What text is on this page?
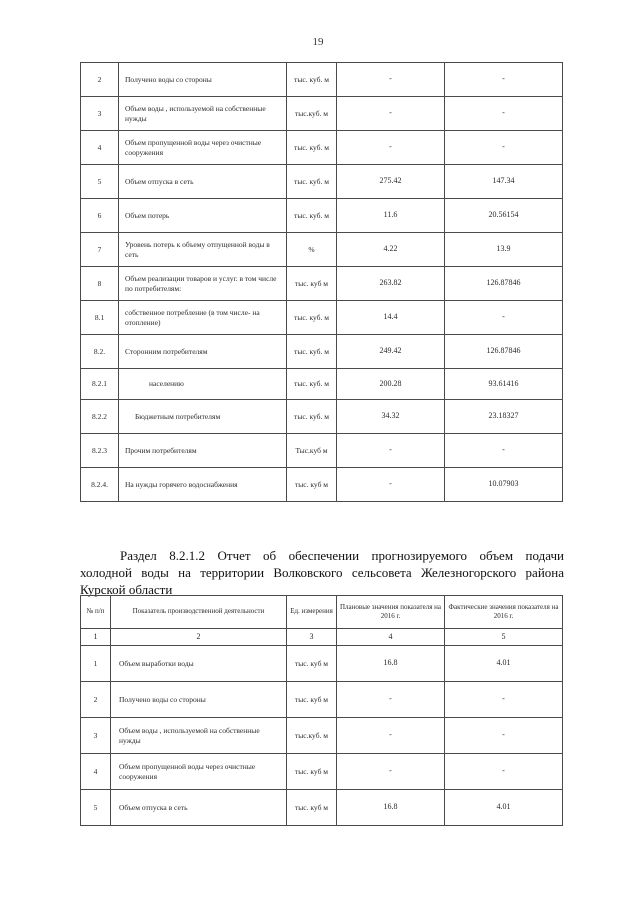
19
2	Получено воды со стороны	тыс. куб. м	-	-
3	Объем воды , используемой на собственные нужды	тыс.куб. м	-	-
4	Объем пропущенной воды через очистные сооружения	тыс. куб. м	-	-
5	Объем отпуска в сеть	тыс. куб. м	275.42	147.34
6	Объем потерь	тыс. куб. м	11.6	20.56154
7	Уровень потерь к объему отпущенной воды в сеть	%	4.22	13.9
8	Объем реализации товаров и услуг. в том числе по потребителям:	тыс. куб м	263.82	126.87846
8.1	собственное потребление (в том числе- на отопление)	тыс. куб. м	14.4	-
8.2.	Сторонним потребителям	тыс. куб. м	249.42	126.87846
8.2.1	населению	тыс. куб. м	200.28	93.61416
8.2.2	Бюджетным потребителям	тыс. куб. м	34.32	23.18327
8.2.3	Прочим потребителям	Тыс.куб м	-	-
8.2.4.	На нужды горячего водоснабжения	тыс. куб м	-	10.07903
Раздел 8.2.1.2 Отчет об обеспечении прогнозируемого объем подачи
холодной воды на территории Волковского сельсовета Железногорского района
Курской области
№ п/п	Показатель производственной деятельности	Ед. измерения	Плановые значения показателя на 2016 г.	Фактические значения показателя на 2016 г.
1	2	3	4	5
1	Объем выработки воды	тыс. куб м	16.8	4.01
2	Получено воды со стороны	тыс. куб м	-	-
3	Объем воды , используемой на собственные нужды	тыс.куб. м	-	-
4	Объем пропущенной воды через очистные сооружения	тыс. куб м	-	-
5	Объем отпуска в сеть	тыс. куб м	16.8	4.01
